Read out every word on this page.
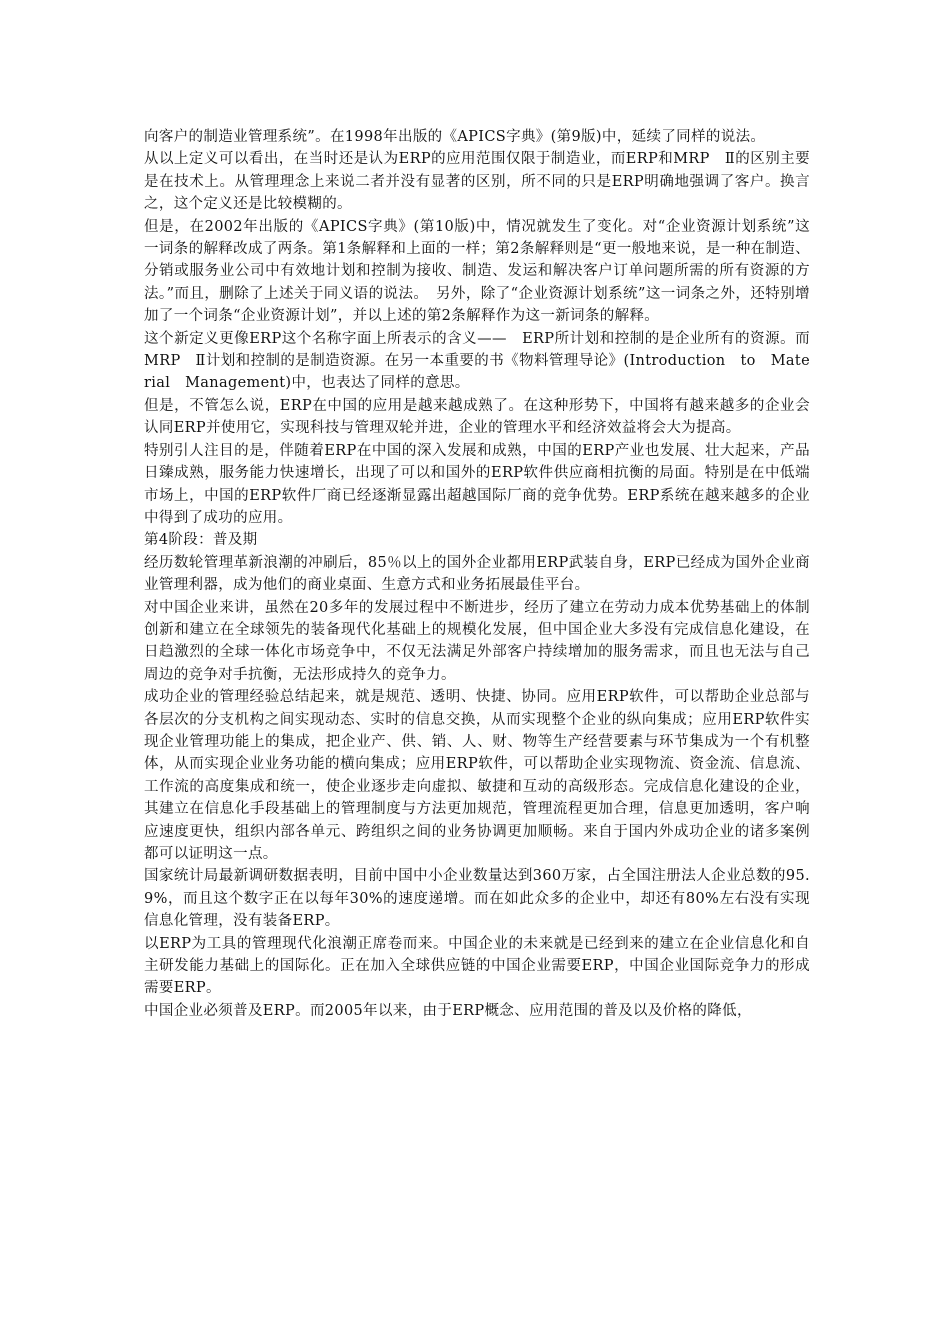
向客户的制造业管理系统”。在1998年出版的《APICS字典》(第9版)中，延续了同样的说法。

从以上定义可以看出，在当时还是认为ERP的应用范围仅限于制造业，而ERP和MRP　Ⅱ的区别主要是在技术上。从管理理念上来说二者并没有显著的区别，所不同的只是ERP明确地强调了客户。换言之，这个定义还是比较模糊的。

但是，在2002年出版的《APICS字典》(第10版)中，情况就发生了变化。对“企业资源计划系统”这一词条的解释改成了两条。第1条解释和上面的一样；第2条解释则是“更一般地来说，是一种在制造、分销或服务业公司中有效地计划和控制为接收、制造、发运和解决客户订单问题所需的所有资源的方法。”而且，删除了上述关于同义语的说法。　另外，除了“企业资源计划系统”这一词条之外，还特别增加了一个词条“企业资源计划”，并以上述的第2条解释作为这一新词条的解释。

这个新定义更像ERP这个名称字面上所表示的含义——　ERP所计划和控制的是企业所有的资源。而MRP　Ⅱ计划和控制的是制造资源。在另一本重要的书《物料管理导论》(Introduction　to　Material　Management)中，也表达了同样的意思。

但是，不管怎么说，ERP在中国的应用是越来越成熟了。在这种形势下，中国将有越来越多的企业会认同ERP并使用它，实现科技与管理双轮并进，企业的管理水平和经济效益将会大为提高。

特别引人注目的是，伴随着ERP在中国的深入发展和成熟，中国的ERP产业也发展、壮大起来，产品日臻成熟，服务能力快速增长，出现了可以和国外的ERP软件供应商相抗衡的局面。特别是在中低端市场上，中国的ERP软件厂商已经逐渐显露出超越国际厂商的竞争优势。ERP系统在越来越多的企业中得到了成功的应用。

第4阶段：普及期

经历数轮管理革新浪潮的冲刷后，85％以上的国外企业都用ERP武装自身，ERP已经成为国外企业商业管理利器，成为他们的商业桌面、生意方式和业务拓展最佳平台。

对中国企业来讲，虽然在20多年的发展过程中不断进步，经历了建立在劳动力成本优势基础上的体制创新和建立在全球领先的装备现代化基础上的规模化发展，但中国企业大多没有完成信息化建设，在日趋激烈的全球一体化市场竞争中，不仅无法满足外部客户持续增加的服务需求，而且也无法与自己周边的竞争对手抗衡，无法形成持久的竞争力。

成功企业的管理经验总结起来，就是规范、透明、快捷、协同。应用ERP软件，可以帮助企业总部与各层次的分支机构之间实现动态、实时的信息交换，从而实现整个企业的纵向集成；应用ERP软件实现企业管理功能上的集成，把企业产、供、销、人、财、物等生产经营要素与环节集成为一个有机整体，从而实现企业业务功能的横向集成；应用ERP软件，可以帮助企业实现物流、资金流、信息流、工作流的高度集成和统一，使企业逐步走向虚拟、敏捷和互动的高级形态。完成信息化建设的企业，其建立在信息化手段基础上的管理制度与方法更加规范，管理流程更加合理，信息更加透明，客户响应速度更快，组织内部各单元、跨组织之间的业务协调更加顺畅。来自于国内外成功企业的诸多案例都可以证明这一点。

国家统计局最新调研数据表明，目前中国中小企业数量达到360万家，占全国注册法人企业总数的95.9%，而且这个数字正在以每年30%的速度递增。而在如此众多的企业中，却还有80%左右没有实现信息化管理，没有装备ERP。

以ERP为工具的管理现代化浪潮正席卷而来。中国企业的未来就是已经到来的建立在企业信息化和自主研发能力基础上的国际化。正在加入全球供应链的中国企业需要ERP，中国企业国际竞争力的形成需要ERP。

中国企业必须普及ERP。而2005年以来，由于ERP概念、应用范围的普及以及价格的降低，
